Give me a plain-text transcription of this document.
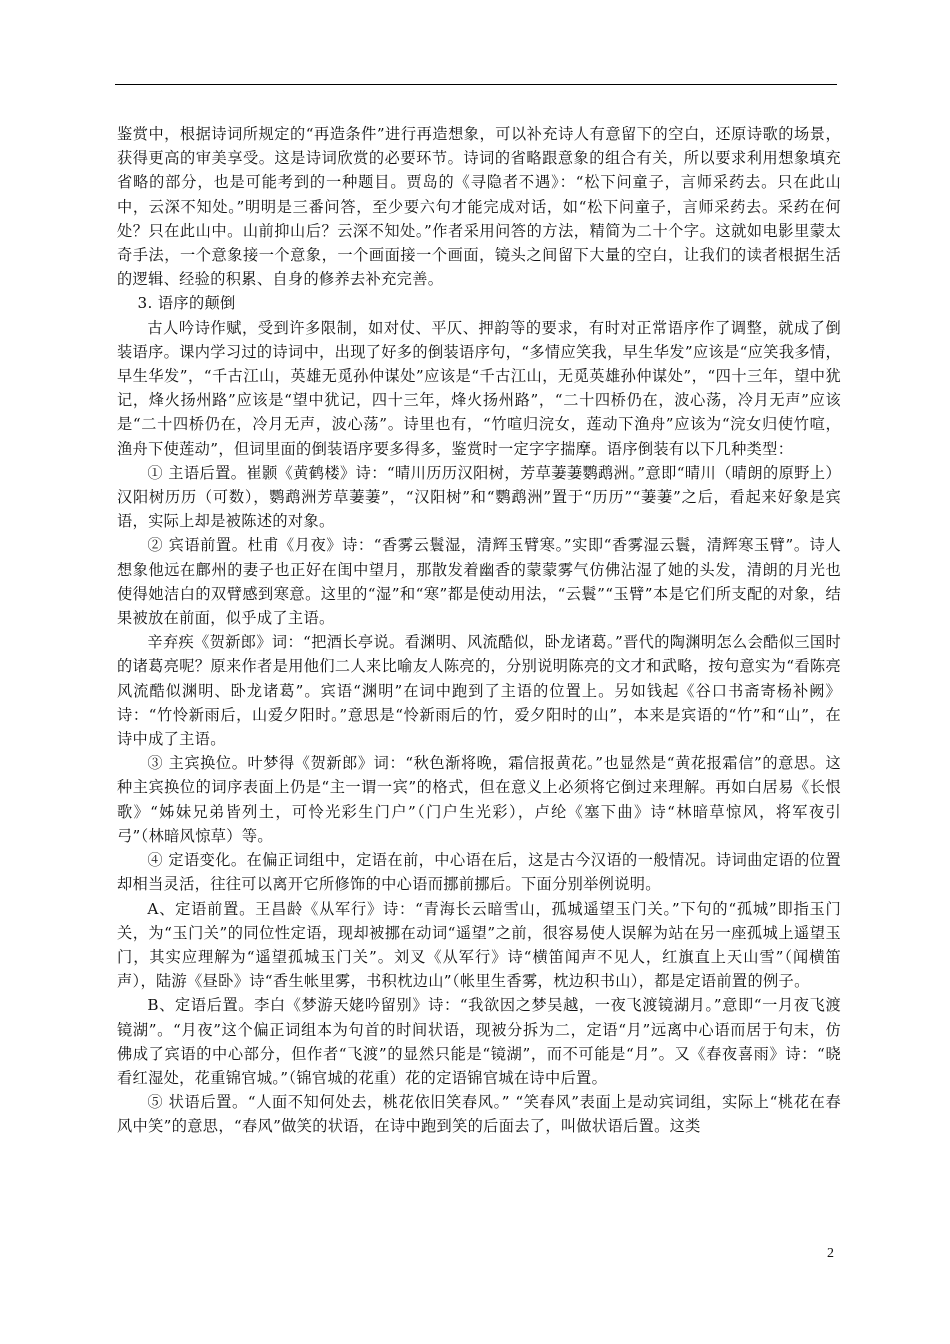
鉴赏中，根据诗词所规定的“再造条件”进行再造想象，可以补充诗人有意留下的空白，还原诗歌的场景，获得更高的审美享受。这是诗词欣赏的必要环节。诗词的省略跟意象的组合有关，所以要求利用想象填充省略的部分，也是可能考到的一种题目。贾岛的《寻隐者不遇》：“松下问童子，言师采药去。只在此山中，云深不知处。”明明是三番问答，至少要六句才能完成对话，如“松下问童子，言师采药去。采药在何处？只在此山中。山前抑山后？云深不知处。”作者采用问答的方法，精简为二十个字。这就如电影里蒙太奇手法，一个意象接一个意象，一个画面接一个画面，镜头之间留下大量的空白，让我们的读者根据生活的逻辑、经验的积累、自身的修养去补充完善。

3. 语序的颠倒

古人吟诗作赋，受到许多限制，如对仗、平仄、押韵等的要求，有时对正常语序作了调整，就成了倒装语序。课内学习过的诗词中，出现了好多的倒装语序句，“多情应笑我，早生华发”应该是“应笑我多情，早生华发”，“千古江山，英雄无觅孙仲谋处”应该是“千古江山，无觅英雄孙仲谋处”，“四十三年，望中犹记，烽火扬州路”应该是“望中犹记，四十三年，烽火扬州路”，“二十四桥仍在，波心荡，冷月无声”应该是“二十四桥仍在，冷月无声，波心荡”。诗里也有，“竹喧归浣女，莲动下渔舟”应该为“浣女归使竹喧，渔舟下使莲动”，但词里面的倒装语序要多得多，鉴赏时一定字字揣摩。语序倒装有以下几种类型：

① 主语后置。崔颢《黄鹤楼》诗：“晴川历历汉阳树，芳草萋萋鹦鹉洲。”意即“晴川（晴朗的原野上）汉阳树历历（可数），鹦鹉洲芳草萋萋”，“汉阳树”和“鹦鹉洲”置于“历历”“萋萋”之后，看起来好象是宾语，实际上却是被陈述的对象。

② 宾语前置。杜甫《月夜》诗：“香雾云鬟湿，清辉玉臂寒。”实即“香雾湿云鬟，清辉寒玉臂”。诗人想象他远在鄜州的妻子也正好在闺中望月，那散发着幽香的蒙蒙雾气仿佛沾湿了她的头发，清朗的月光也使得她洁白的双臂感到寒意。这里的“湿”和“寒”都是使动用法，“云鬟”“玉臂”本是它们所支配的对象，结果被放在前面，似乎成了主语。

辛弃疾《贺新郎》词：“把酒长亭说。看渊明、风流酷似，卧龙诸葛。”晋代的陶渊明怎么会酷似三国时的诸葛亮呢？原来作者是用他们二人来比喻友人陈亮的，分别说明陈亮的文才和武略，按句意实为“看陈亮风流酷似渊明、卧龙诸葛”。宾语“渊明”在词中跑到了主语的位置上。另如钱起《谷口书斋寄杨补阙》诗：“竹怜新雨后，山爱夕阳时。”意思是“怜新雨后的竹，爱夕阳时的山”，本来是宾语的“竹”和“山”，在诗中成了主语。

③ 主宾换位。叶梦得《贺新郎》词：“秋色渐将晚，霜信报黄花。”也显然是“黄花报霜信”的意思。这种主宾换位的词序表面上仍是“主一谓一宾”的格式，但在意义上必须将它倒过来理解。再如白居易《长恨歌》“姊妹兄弟皆列土，可怜光彩生门户”（门户生光彩），卢纶《塞下曲》诗“林暗草惊风，将军夜引弓”（林暗风惊草）等。

④ 定语变化。在偏正词组中，定语在前，中心语在后，这是古今汉语的一般情况。诗词曲定语的位置却相当灵活，往往可以离开它所修饰的中心语而挪前挪后。下面分别举例说明。

A、定语前置。王昌龄《从军行》诗：“青海长云暗雪山，孤城遥望玉门关。”下句的“孤城”即指玉门关，为“玉门关”的同位性定语，现却被挪在动词“遥望”之前，很容易使人误解为站在另一座孤城上遥望玉门，其实应理解为“遥望孤城玉门关”。刘叉《从军行》诗“横笛闻声不见人，红旗直上天山雪”（闻横笛声），陆游《昼卧》诗“香生帐里雾，书积枕边山”（帐里生香雾，枕边积书山），都是定语前置的例子。

B、定语后置。李白《梦游天姥吟留别》诗：“我欲因之梦吴越，一夜飞渡镜湖月。”意即“一月夜飞渡镜湖”。“月夜”这个偏正词组本为句首的时间状语，现被分拆为二，定语“月”远离中心语而居于句末，仿佛成了宾语的中心部分，但作者“飞渡”的显然只能是“镜湖”，而不可能是“月”。又《春夜喜雨》诗：“晓看红湿处，花重锦官城。”（锦官城的花重）花的定语锦官城在诗中后置。

⑤ 状语后置。“人面不知何处去，桃花依旧笑春风。” “笑春风”表面上是动宾词组，实际上“桃花在春风中笑”的意思，“春风”做笑的状语，在诗中跑到笑的后面去了，叫做状语后置。这类

2
